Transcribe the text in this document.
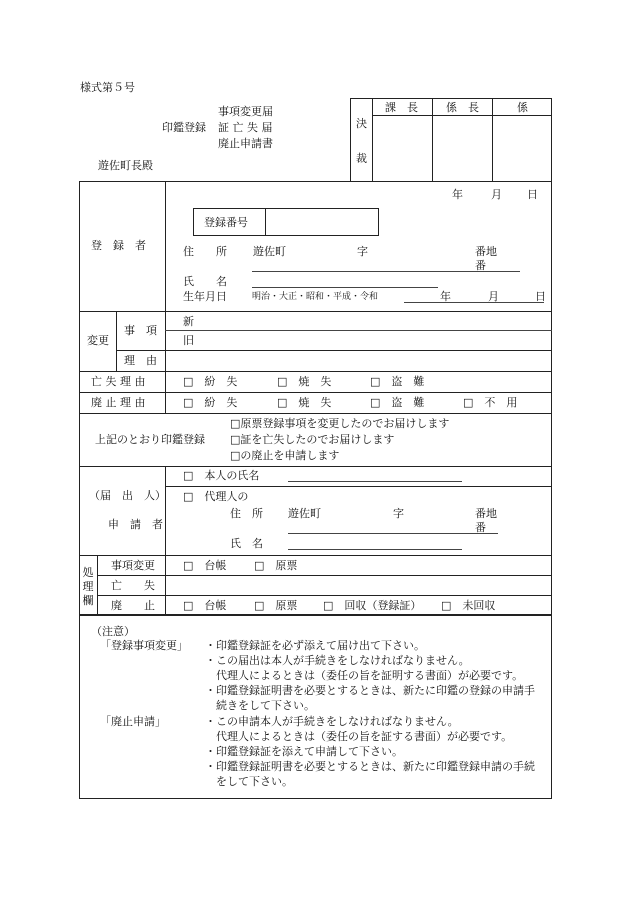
様式第５号
事項変更届
印鑑登録 証 亡 失 届
廃止申請書
遊佐町長殿
決
裁
課　長	係　長	係
年	月 日
登　録　者
登録番号
住　　所 遊佐町	字	番地
番
氏　　名
生年月日	明治・大正・昭和・平成・令和	年	月	日
変更
事　項
新
旧
理　由
亡 失 理 由	□　紛　失	□　焼　失	□　盗　難
廃 止 理 由	□　紛　失	□　焼　失	□　盗　難	□　不　用
上記のとおり印鑑登録
□原票登録事項を変更したのでお届けします
□証を亡失したのでお届けします
□の廃止を申請します
（届　出　人）
申　請　者
□　本人の氏名
□　代理人の
住　所 遊佐町	字	番地
番
氏　名
処理欄
事項変更	□　台帳	□　原票
亡　　失
廃　　止	□　台帳	□　原票 □　回収（登録証） □　未回収
（注意）
「登録事項変更」 ・印鑑登録証を必ず添えて届け出て下さい。
・この届出は本人が手続きをしなければなりません。
　代理人によるときは（委任の旨を証明する書面）が必要です。
・印鑑登録証明書を必要とするときは、新たに印鑑の登録の申請手
　続きをして下さい。
「廃止申請」	・この申請本人が手続きをしなければなりません。
　代理人によるときは（委任の旨を証する書面）が必要です。
・印鑑登録証を添えて申請して下さい。
・印鑑登録証明書を必要とするときは、新たに印鑑登録申請の手続
　をして下さい。
